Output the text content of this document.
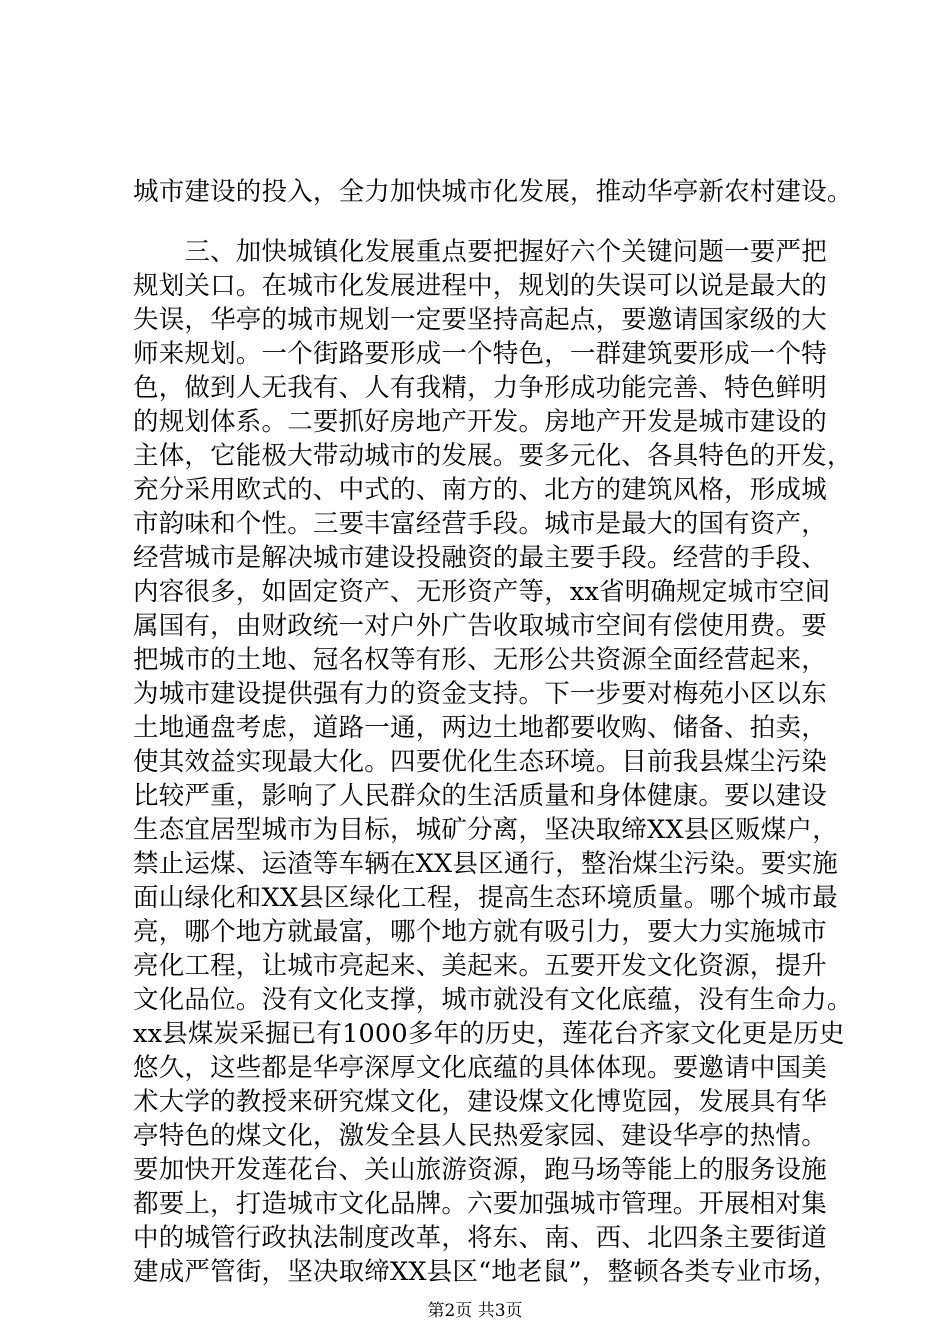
城市建设的投入，全力加快城市化发展，推动华亭新农村建设。
　　三、加快城镇化发展重点要把握好六个关键问题一要严把
规划关口。在城市化发展进程中，规划的失误可以说是最大的
失误，华亭的城市规划一定要坚持高起点，要邀请国家级的大
师来规划。一个街路要形成一个特色，一群建筑要形成一个特
色，做到人无我有、人有我精，力争形成功能完善、特色鲜明
的规划体系。二要抓好房地产开发。房地产开发是城市建设的
主体，它能极大带动城市的发展。要多元化、各具特色的开发，
充分采用欧式的、中式的、南方的、北方的建筑风格，形成城
市韵味和个性。三要丰富经营手段。城市是最大的国有资产，
经营城市是解决城市建设投融资的最主要手段。经营的手段、
内容很多，如固定资产、无形资产等，xx省明确规定城市空间
属国有，由财政统一对户外广告收取城市空间有偿使用费。要
把城市的土地、冠名权等有形、无形公共资源全面经营起来，
为城市建设提供强有力的资金支持。下一步要对梅苑小区以东
土地通盘考虑，道路一通，两边土地都要收购、储备、拍卖，
使其效益实现最大化。四要优化生态环境。目前我县煤尘污染
比较严重，影响了人民群众的生活质量和身体健康。要以建设
生态宜居型城市为目标，城矿分离，坚决取缔XX县区贩煤户，
禁止运煤、运渣等车辆在XX县区通行，整治煤尘污染。要实施
面山绿化和XX县区绿化工程，提高生态环境质量。哪个城市最
亮，哪个地方就最富，哪个地方就有吸引力，要大力实施城市
亮化工程，让城市亮起来、美起来。五要开发文化资源，提升
文化品位。没有文化支撑，城市就没有文化底蕴，没有生命力。
xx县煤炭采掘已有1000多年的历史，莲花台齐家文化更是历史
悠久，这些都是华亭深厚文化底蕴的具体体现。要邀请中国美
术大学的教授来研究煤文化，建设煤文化博览园，发展具有华
亭特色的煤文化，激发全县人民热爱家园、建设华亭的热情。
要加快开发莲花台、关山旅游资源，跑马场等能上的服务设施
都要上，打造城市文化品牌。六要加强城市管理。开展相对集
中的城管行政执法制度改革，将东、南、西、北四条主要街道
建成严管街，坚决取缔XX县区“地老鼠”，整顿各类专业市场，
第2页 共3页
